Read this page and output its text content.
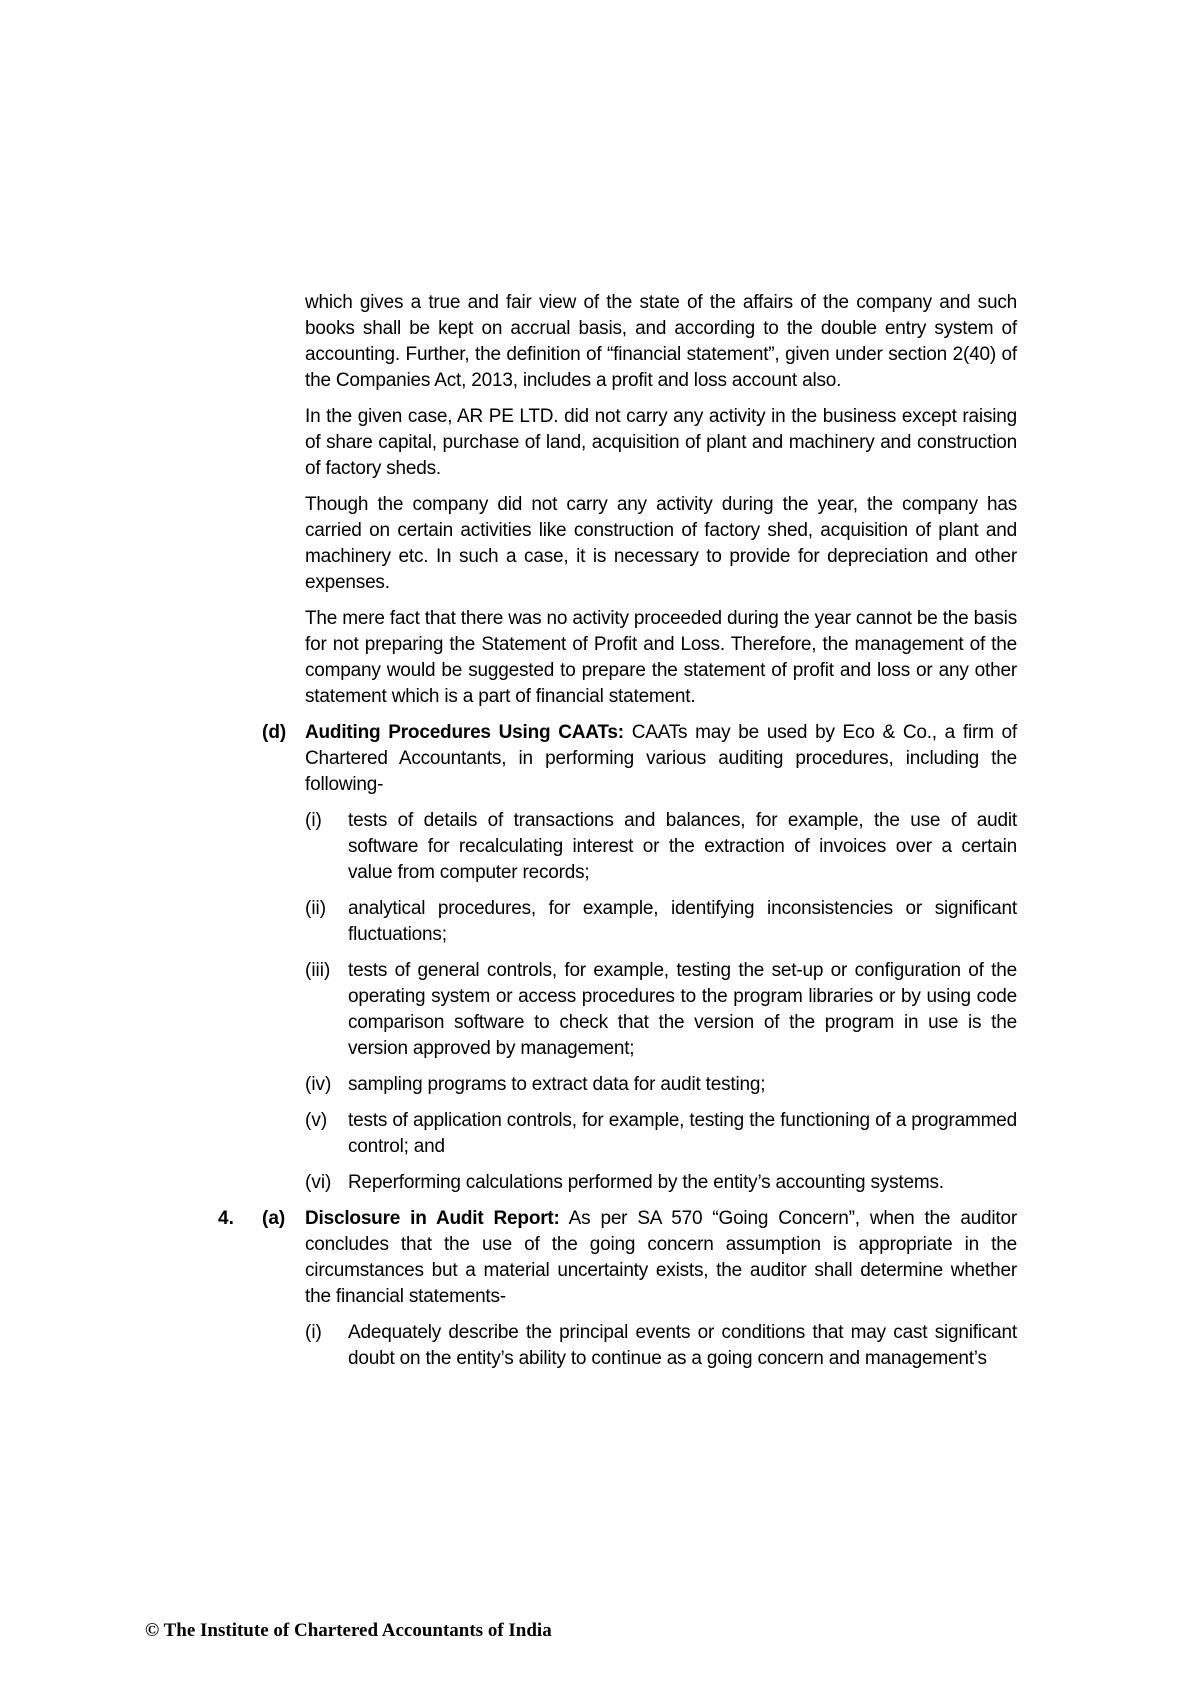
which gives a true and fair view of the state of the affairs of the company and such books shall be kept on accrual basis, and according to the double entry system of accounting. Further, the definition of “financial statement”, given under section 2(40) of the Companies Act, 2013, includes a profit and loss account also.

In the given case, AR PE LTD. did not carry any activity in the business except raising of share capital, purchase of land, acquisition of plant and machinery and construction of factory sheds.

Though the company did not carry any activity during the year, the company has carried on certain activities like construction of factory shed, acquisition of plant and machinery etc. In such a case, it is necessary to provide for depreciation and other expenses.

The mere fact that there was no activity proceeded during the year cannot be the basis for not preparing the Statement of Profit and Loss. Therefore, the management of the company would be suggested to prepare the statement of profit and loss or any other statement which is a part of financial statement.

(d) Auditing Procedures Using CAATs: CAATs may be used by Eco & Co., a firm of Chartered Accountants, in performing various auditing procedures, including the following-
(i) tests of details of transactions and balances, for example, the use of audit software for recalculating interest or the extraction of invoices over a certain value from computer records;
(ii) analytical procedures, for example, identifying inconsistencies or significant fluctuations;
(iii) tests of general controls, for example, testing the set-up or configuration of the operating system or access procedures to the program libraries or by using code comparison software to check that the version of the program in use is the version approved by management;
(iv) sampling programs to extract data for audit testing;
(v) tests of application controls, for example, testing the functioning of a programmed control; and
(vi) Reperforming calculations performed by the entity’s accounting systems.
4. (a) Disclosure in Audit Report: As per SA 570 “Going Concern”, when the auditor concludes that the use of the going concern assumption is appropriate in the circumstances but a material uncertainty exists, the auditor shall determine whether the financial statements-
(i) Adequately describe the principal events or conditions that may cast significant doubt on the entity’s ability to continue as a going concern and management’s
© The Institute of Chartered Accountants of India
